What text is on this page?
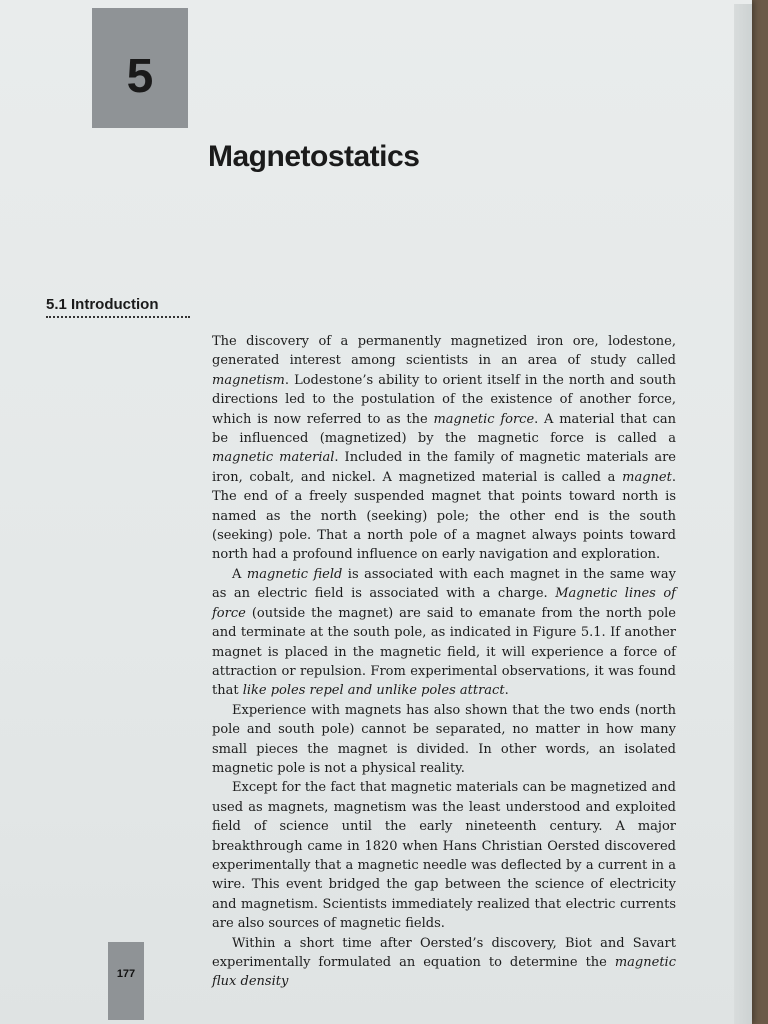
5
Magnetostatics
5.1 Introduction

The discovery of a permanently magnetized iron ore, lodestone, generated interest among scientists in an area of study called magnetism. Lodestone’s ability to orient itself in the north and south directions led to the postulation of the existence of another force, which is now referred to as the magnetic force. A material that can be influenced (magnetized) by the magnetic force is called a magnetic material. Included in the family of magnetic materials are iron, cobalt, and nickel. A magnetized material is called a magnet. The end of a freely suspended magnet that points toward north is named as the north (seeking) pole; the other end is the south (seeking) pole. That a north pole of a magnet always points toward north had a profound influence on early navigation and exploration.

A magnetic field is associated with each magnet in the same way as an electric field is associated with a charge. Magnetic lines of force (outside the magnet) are said to emanate from the north pole and terminate at the south pole, as indicated in Figure 5.1. If another magnet is placed in the magnetic field, it will experience a force of attraction or repulsion. From experimental observations, it was found that like poles repel and unlike poles attract.

Experience with magnets has also shown that the two ends (north pole and south pole) cannot be separated, no matter in how many small pieces the magnet is divided. In other words, an isolated magnetic pole is not a physical reality.

Except for the fact that magnetic materials can be magnetized and used as magnets, magnetism was the least understood and exploited field of science until the early nineteenth century. A major breakthrough came in 1820 when Hans Christian Oersted discovered experimentally that a magnetic needle was deflected by a current in a wire. This event bridged the gap between the science of electricity and magnetism. Scientists immediately realized that electric currents are also sources of magnetic fields.

Within a short time after Oersted’s discovery, Biot and Savart experimentally formulated an equation to determine the magnetic flux density

177
